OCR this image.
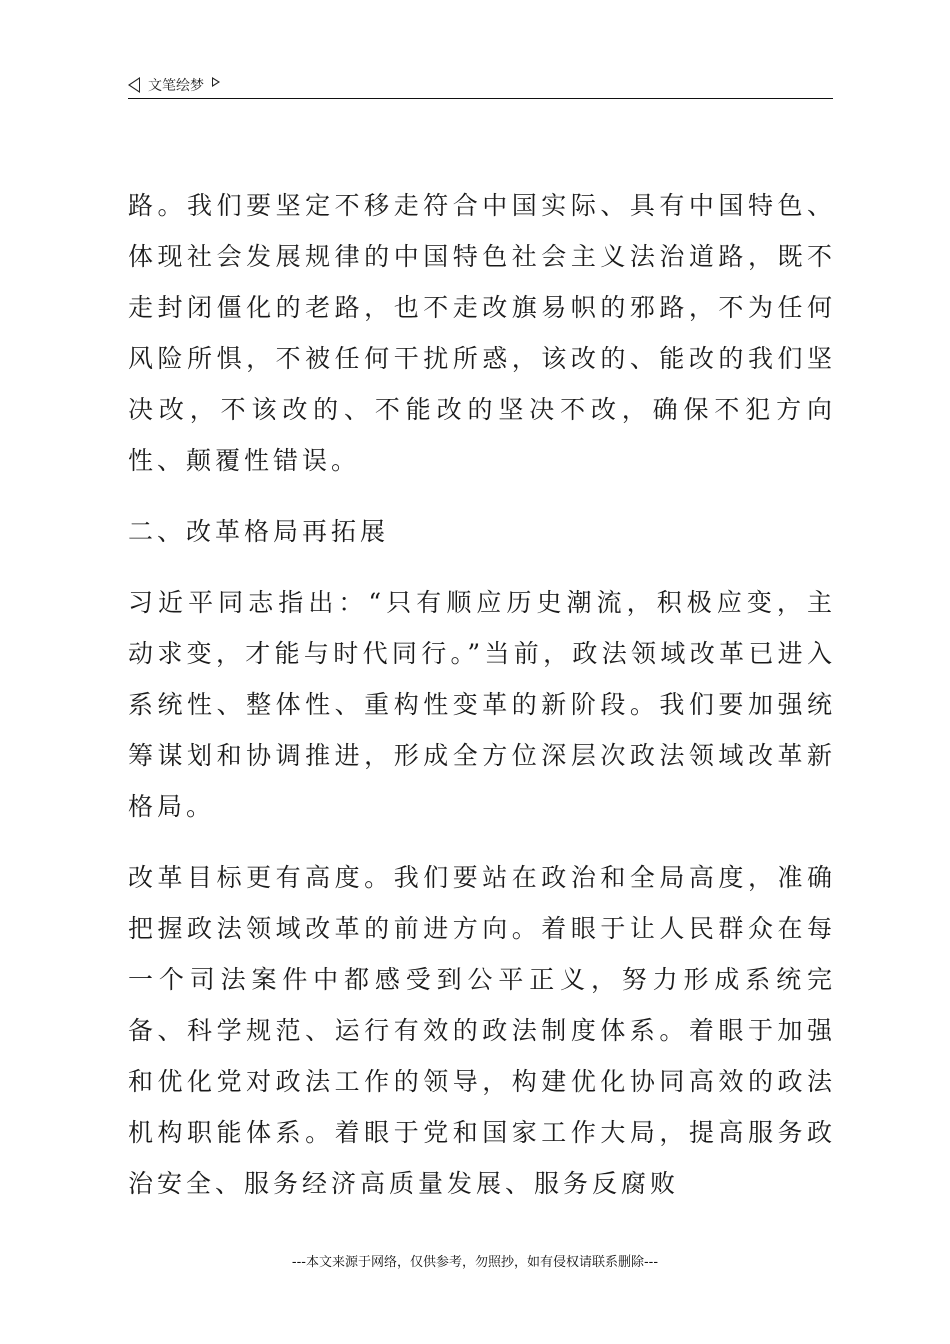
文笔绘梦

路。我们要坚定不移走符合中国实际、具有中国特色、体现社会发展规律的中国特色社会主义法治道路，既不走封闭僵化的老路，也不走改旗易帜的邪路，不为任何风险所惧，不被任何干扰所惑，该改的、能改的我们坚决改，不该改的、不能改的坚决不改，确保不犯方向性、颠覆性错误。

二、改革格局再拓展

习近平同志指出：“只有顺应历史潮流，积极应变，主动求变，才能与时代同行。”当前，政法领域改革已进入系统性、整体性、重构性变革的新阶段。我们要加强统筹谋划和协调推进，形成全方位深层次政法领域改革新格局。

改革目标更有高度。我们要站在政治和全局高度，准确把握政法领域改革的前进方向。着眼于让人民群众在每一个司法案件中都感受到公平正义，努力形成系统完备、科学规范、运行有效的政法制度体系。着眼于加强和优化党对政法工作的领导，构建优化协同高效的政法机构职能体系。着眼于党和国家工作大局，提高服务政治安全、服务经济高质量发展、服务反腐败

---本文来源于网络，仅供参考，勿照抄，如有侵权请联系删除---
